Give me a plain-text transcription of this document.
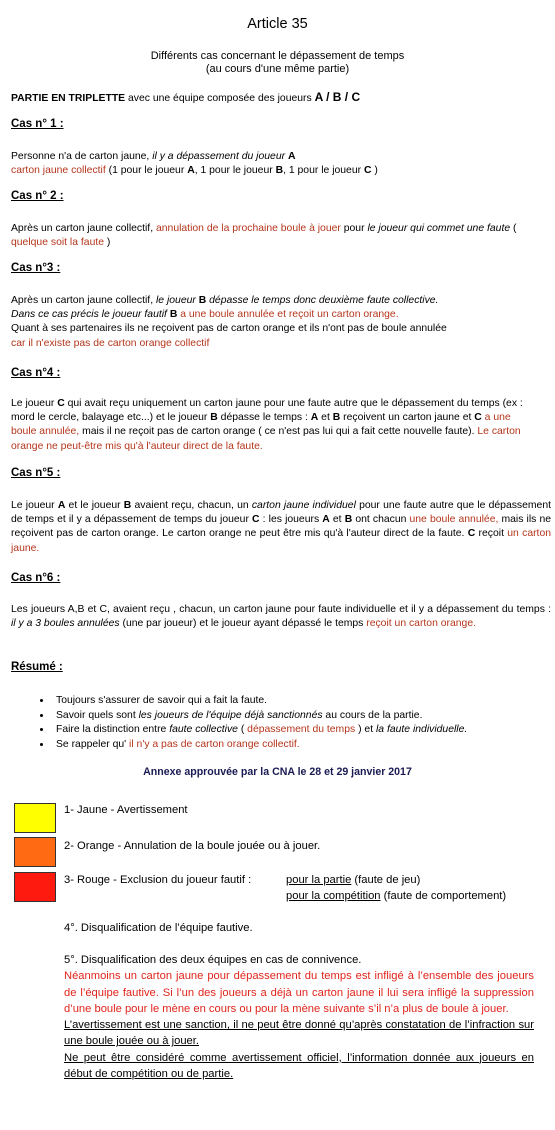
Article 35
Différents cas concernant le dépassement de temps
(au cours d'une même partie)
PARTIE EN TRIPLETTE avec une équipe composée des joueurs A / B / C
Cas n° 1 :
Personne n'a de carton jaune, il y a dépassement du joueur A
carton jaune collectif (1 pour le joueur A, 1 pour le joueur B, 1 pour le joueur C )
Cas n° 2 :
Après un carton jaune collectif, annulation de la prochaine boule à jouer pour le joueur qui commet une faute ( quelque soit la faute )
Cas n°3 :
Après un carton jaune collectif, le joueur B dépasse le temps donc deuxième faute collective.
Dans ce cas précis le joueur fautif B a une boule annulée et reçoit un carton orange.
Quant à ses partenaires ils ne reçoivent pas de carton orange et ils n'ont pas de boule annulée
car il n'existe pas de carton orange collectif
Cas n°4 :
Le joueur C qui avait reçu uniquement un carton jaune pour une faute autre que le dépassement du temps (ex : mord le cercle, balayage etc...) et le joueur B dépasse le temps : A et B reçoivent un carton jaune et C a une boule annulée, mais il ne reçoit pas de carton orange ( ce n'est pas lui qui a fait cette nouvelle faute). Le carton orange ne peut-être mis qu'à l'auteur direct de la faute.
Cas n°5 :
Le joueur A et le joueur B avaient reçu, chacun, un carton jaune individuel pour une faute autre que le dépassement de temps et il y a dépassement de temps du joueur C : les joueurs A et B ont chacun une boule annulée, mais ils ne reçoivent pas de carton orange. Le carton orange ne peut être mis qu'à l'auteur direct de la faute. C reçoit un carton jaune.
Cas n°6 :
Les joueurs A,B et C, avaient reçu , chacun, un carton jaune pour faute individuelle et il y a dépassement du temps : il y a 3 boules annulées (une par joueur) et le joueur ayant dépassé le temps reçoit un carton orange.
Résumé :
• Toujours s'assurer de savoir qui a fait la faute.
• Savoir quels sont les joueurs de l'équipe déjà sanctionnés au cours de la partie.
• Faire la distinction entre faute collective ( dépassement du temps ) et la faute individuelle.
• Se rappeler qu' il n'y a pas de carton orange collectif.
Annexe approuvée par la CNA le 28 et 29 janvier 2017
1- Jaune - Avertissement
2- Orange - Annulation de la boule jouée ou à jouer.
3- Rouge - Exclusion du joueur fautif :	pour la partie (faute de jeu)
pour la compétition (faute de comportement)
4°. Disqualification de l’équipe fautive.
5°. Disqualification des deux équipes en cas de connivence.
Néanmoins un carton jaune pour dépassement du temps est infligé à l’ensemble des joueurs de l’équipe fautive. Si l’un des joueurs a déjà un carton jaune il lui sera infligé la suppression d’une boule pour le mène en cours ou pour la mène suivante s’il n’a plus de boule à jouer.
L’avertissement est une sanction, il ne peut être donné qu’après constatation de l’infraction sur une boule jouée ou à jouer.
Ne peut être considéré comme avertissement officiel, l’information donnée aux joueurs en début de compétition ou de partie.
